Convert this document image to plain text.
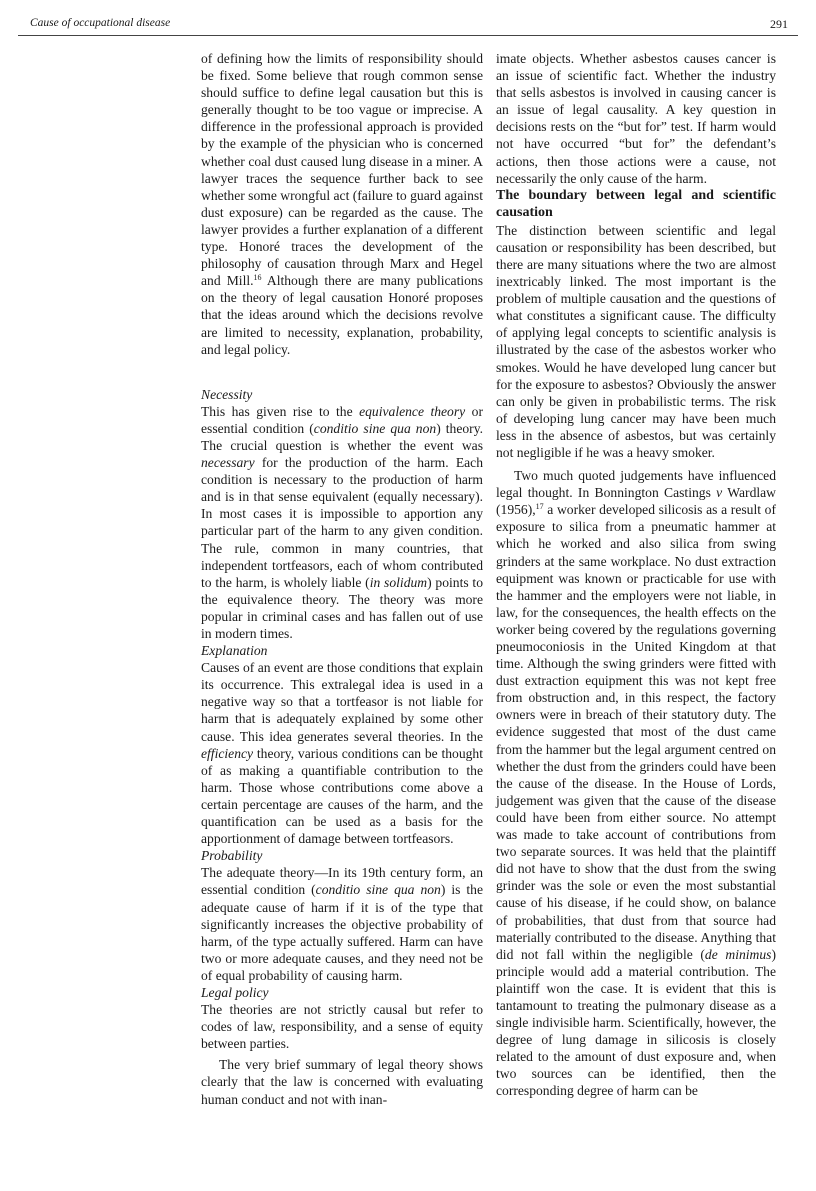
Cause of occupational disease	291

of defining how the limits of responsibility should be fixed. Some believe that rough common sense should suffice to define legal causation but this is generally thought to be too vague or imprecise. A difference in the professional approach is provided by the example of the physician who is concerned whether coal dust caused lung disease in a miner. A lawyer traces the sequence further back to see whether some wrongful act (failure to guard against dust exposure) can be regarded as the cause. The lawyer provides a further explanation of a different type. Honoré traces the development of the philosophy of causation through Marx and Hegel and Mill.$^{16}$ Although there are many publications on the theory of legal causation Honoré proposes that the ideas around which the decisions revolve are limited to necessity, explanation, probability, and legal policy.

Necessity

This has given rise to the equivalence theory or essential condition (conditio sine qua non) theory. The crucial question is whether the event was necessary for the production of the harm. Each condition is necessary to the production of harm and is in that sense equivalent (equally necessary). In most cases it is impossible to apportion any particular part of the harm to any given condition. The rule, common in many countries, that independent tortfeasors, each of whom contributed to the harm, is wholely liable (in solidum) points to the equivalence theory. The theory was more popular in criminal cases and has fallen out of use in modern times.

Explanation

Causes of an event are those conditions that explain its occurrence. This extralegal idea is used in a negative way so that a tortfeasor is not liable for harm that is adequately explained by some other cause. This idea generates several theories. In the efficiency theory, various conditions can be thought of as making a quantifiable contribution to the harm. Those whose contributions come above a certain percentage are causes of the harm, and the quantification can be used as a basis for the apportionment of damage between tortfeasors.

Probability

The adequate theory—In its 19th century form, an essential condition (conditio sine qua non) is the adequate cause of harm if it is of the type that significantly increases the objective probability of harm, of the type actually suffered. Harm can have two or more adequate causes, and they need not be of equal probability of causing harm.

Legal policy

The theories are not strictly causal but refer to codes of law, responsibility, and a sense of equity between parties.

The very brief summary of legal theory shows clearly that the law is concerned with evaluating human conduct and not with inan-

imate objects. Whether asbestos causes cancer is an issue of scientific fact. Whether the industry that sells asbestos is involved in causing cancer is an issue of legal causality. A key question in decisions rests on the “but for” test. If harm would not have occurred “but for” the defendant’s actions, then those actions were a cause, not necessarily the only cause of the harm.

The boundary between legal and scientific causation

The distinction between scientific and legal causation or responsibility has been described, but there are many situations where the two are almost inextricably linked. The most important is the problem of multiple causation and the questions of what constitutes a significant cause. The difficulty of applying legal concepts to scientific analysis is illustrated by the case of the asbestos worker who smokes. Would he have developed lung cancer but for the exposure to asbestos? Obviously the answer can only be given in probabilistic terms. The risk of developing lung cancer may have been much less in the absence of asbestos, but was certainly not negligible if he was a heavy smoker.

Two much quoted judgements have influenced legal thought. In Bonnington Castings v Wardlaw (1956),$^{17}$ a worker developed silicosis as a result of exposure to silica from a pneumatic hammer at which he worked and also silica from swing grinders at the same workplace. No dust extraction equipment was known or practicable for use with the hammer and the employers were not liable, in law, for the consequences, the health effects on the worker being covered by the regulations governing pneumoconiosis in the United Kingdom at that time. Although the swing grinders were fitted with dust extraction equipment this was not kept free from obstruction and, in this respect, the factory owners were in breach of their statutory duty. The evidence suggested that most of the dust came from the hammer but the legal argument centred on whether the dust from the grinders could have been the cause of the disease. In the House of Lords, judgement was given that the cause of the disease could have been from either source. No attempt was made to take account of contributions from two separate sources. It was held that the plaintiff did not have to show that the dust from the swing grinder was the sole or even the most substantial cause of his disease, if he could show, on balance of probabilities, that dust from that source had materially contributed to the disease. Anything that did not fall within the negligible (de minimus) principle would add a material contribution. The plaintiff won the case. It is evident that this is tantamount to treating the pulmonary disease as a single indivisible harm. Scientifically, however, the degree of lung damage in silicosis is closely related to the amount of dust exposure and, when two sources can be identified, then the corresponding degree of harm can be
